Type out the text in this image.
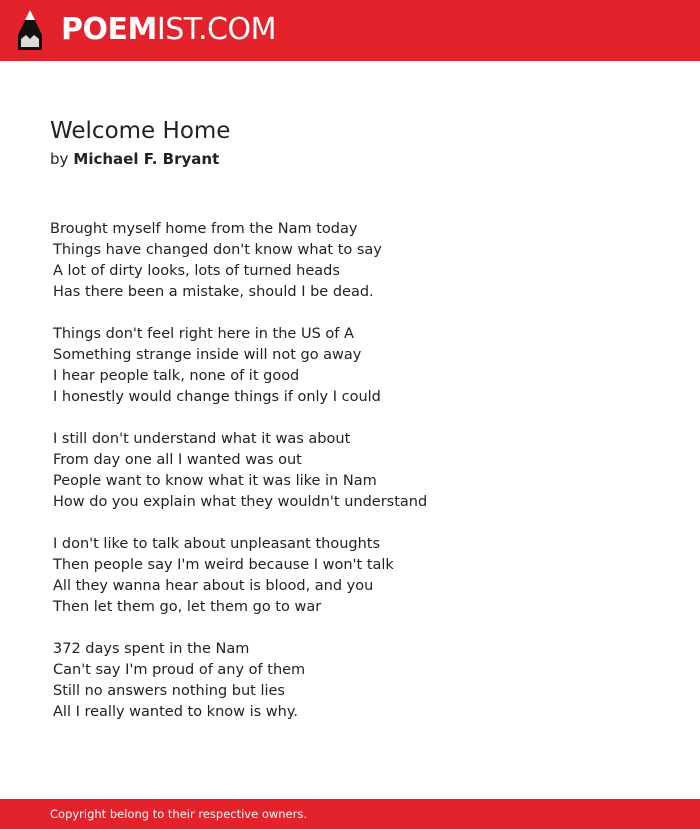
POEMIST.COM
Welcome Home
by Michael F. Bryant
Brought myself home from the Nam today
Things have changed don't know what to say
A lot of dirty looks, lots of turned heads
Has there been a mistake, should I be dead.
Things don't feel right here in the US of A
Something strange inside will not go away
I hear people talk, none of it good
I honestly would change things if only I could
I still don't understand what it was about
From day one all I wanted was out
People want to know what it was like in Nam
How do you explain what they wouldn't understand
I don't like to talk about unpleasant thoughts
Then people say I'm weird because I won't talk
All they wanna hear about is blood, and you
Then let them go, let them go to war
372 days spent in the Nam
Can't say I'm proud of any of them
Still no answers nothing but lies
All I really wanted to know is why.
Copyright belong to their respective owners.
